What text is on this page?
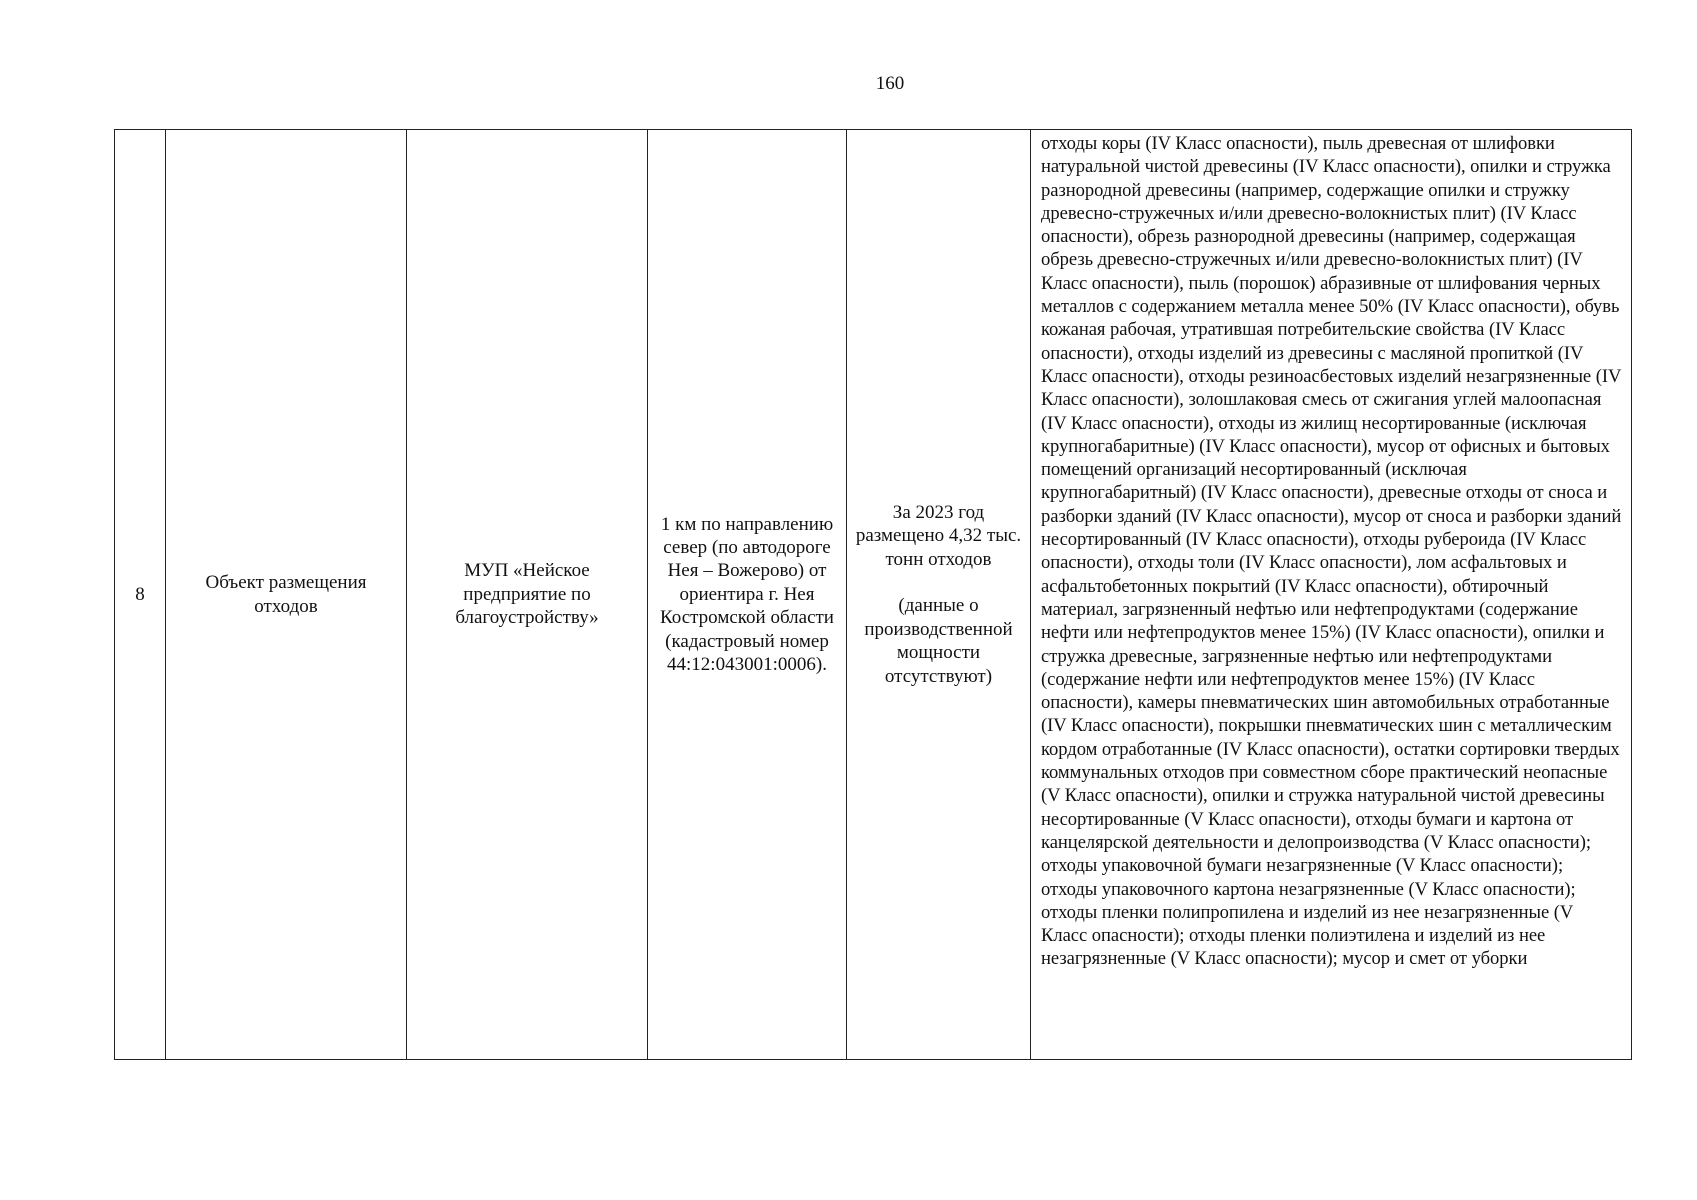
160
8

Объект размещения отходов

МУП «Нейское предприятие по благоустройству»

1 км по направлению север (по автодороге Нея – Вожерово) от ориентира г. Нея Костромской области (кадастровый номер 44:12:043001:0006).

За 2023 год размещено 4,32 тыс. тонн отходов
(данные о производственной мощности отсутствуют)

отходы коры (IV Класс опасности), пыль древесная от шлифовки натуральной чистой древесины (IV Класс опасности), опилки и стружка разнородной древесины (например, содержащие опилки и стружку древесно-стружечных и/или древесно-волокнистых плит) (IV Класс опасности), обрезь разнородной древесины (например, содержащая обрезь древесно-стружечных и/или древесно-волокнистых плит) (IV Класс опасности), пыль (порошок) абразивные от шлифования черных металлов с содержанием металла менее 50% (IV Класс опасности), обувь кожаная рабочая, утратившая потребительские свойства (IV Класс опасности), отходы изделий из древесины с масляной пропиткой (IV Класс опасности), отходы резиноасбестовых изделий незагрязненные (IV Класс опасности), золошлаковая смесь от сжигания углей малоопасная (IV Класс опасности), отходы из жилищ несортированные (исключая крупногабаритные) (IV Класс опасности), мусор от офисных и бытовых помещений организаций несортированный (исключая крупногабаритный) (IV Класс опасности), древесные отходы от сноса и разборки зданий (IV Класс опасности), мусор от сноса и разборки зданий несортированный (IV Класс опасности), отходы рубероида (IV Класс опасности), отходы толи (IV Класс опасности), лом асфальтовых и асфальтобетонных покрытий (IV Класс опасности), обтирочный материал, загрязненный нефтью или нефтепродуктами (содержание нефти или нефтепродуктов менее 15%) (IV Класс опасности), опилки и стружка древесные, загрязненные нефтью или нефтепродуктами (содержание нефти или нефтепродуктов менее 15%) (IV Класс опасности), камеры пневматических шин автомобильных отработанные (IV Класс опасности), покрышки пневматических шин с металлическим кордом отработанные (IV Класс опасности), остатки сортировки твердых коммунальных отходов при совместном сборе практический неопасные (V Класс опасности), опилки и стружка натуральной чистой древесины несортированные (V Класс опасности), отходы бумаги и картона от канцелярской деятельности и делопроизводства (V Класс опасности); отходы упаковочной бумаги незагрязненные (V Класс опасности); отходы упаковочного картона незагрязненные (V Класс опасности); отходы пленки полипропилена и изделий из нее незагрязненные (V Класс опасности); отходы пленки полиэтилена и изделий из нее незагрязненные (V Класс опасности); мусор и смет от уборки
